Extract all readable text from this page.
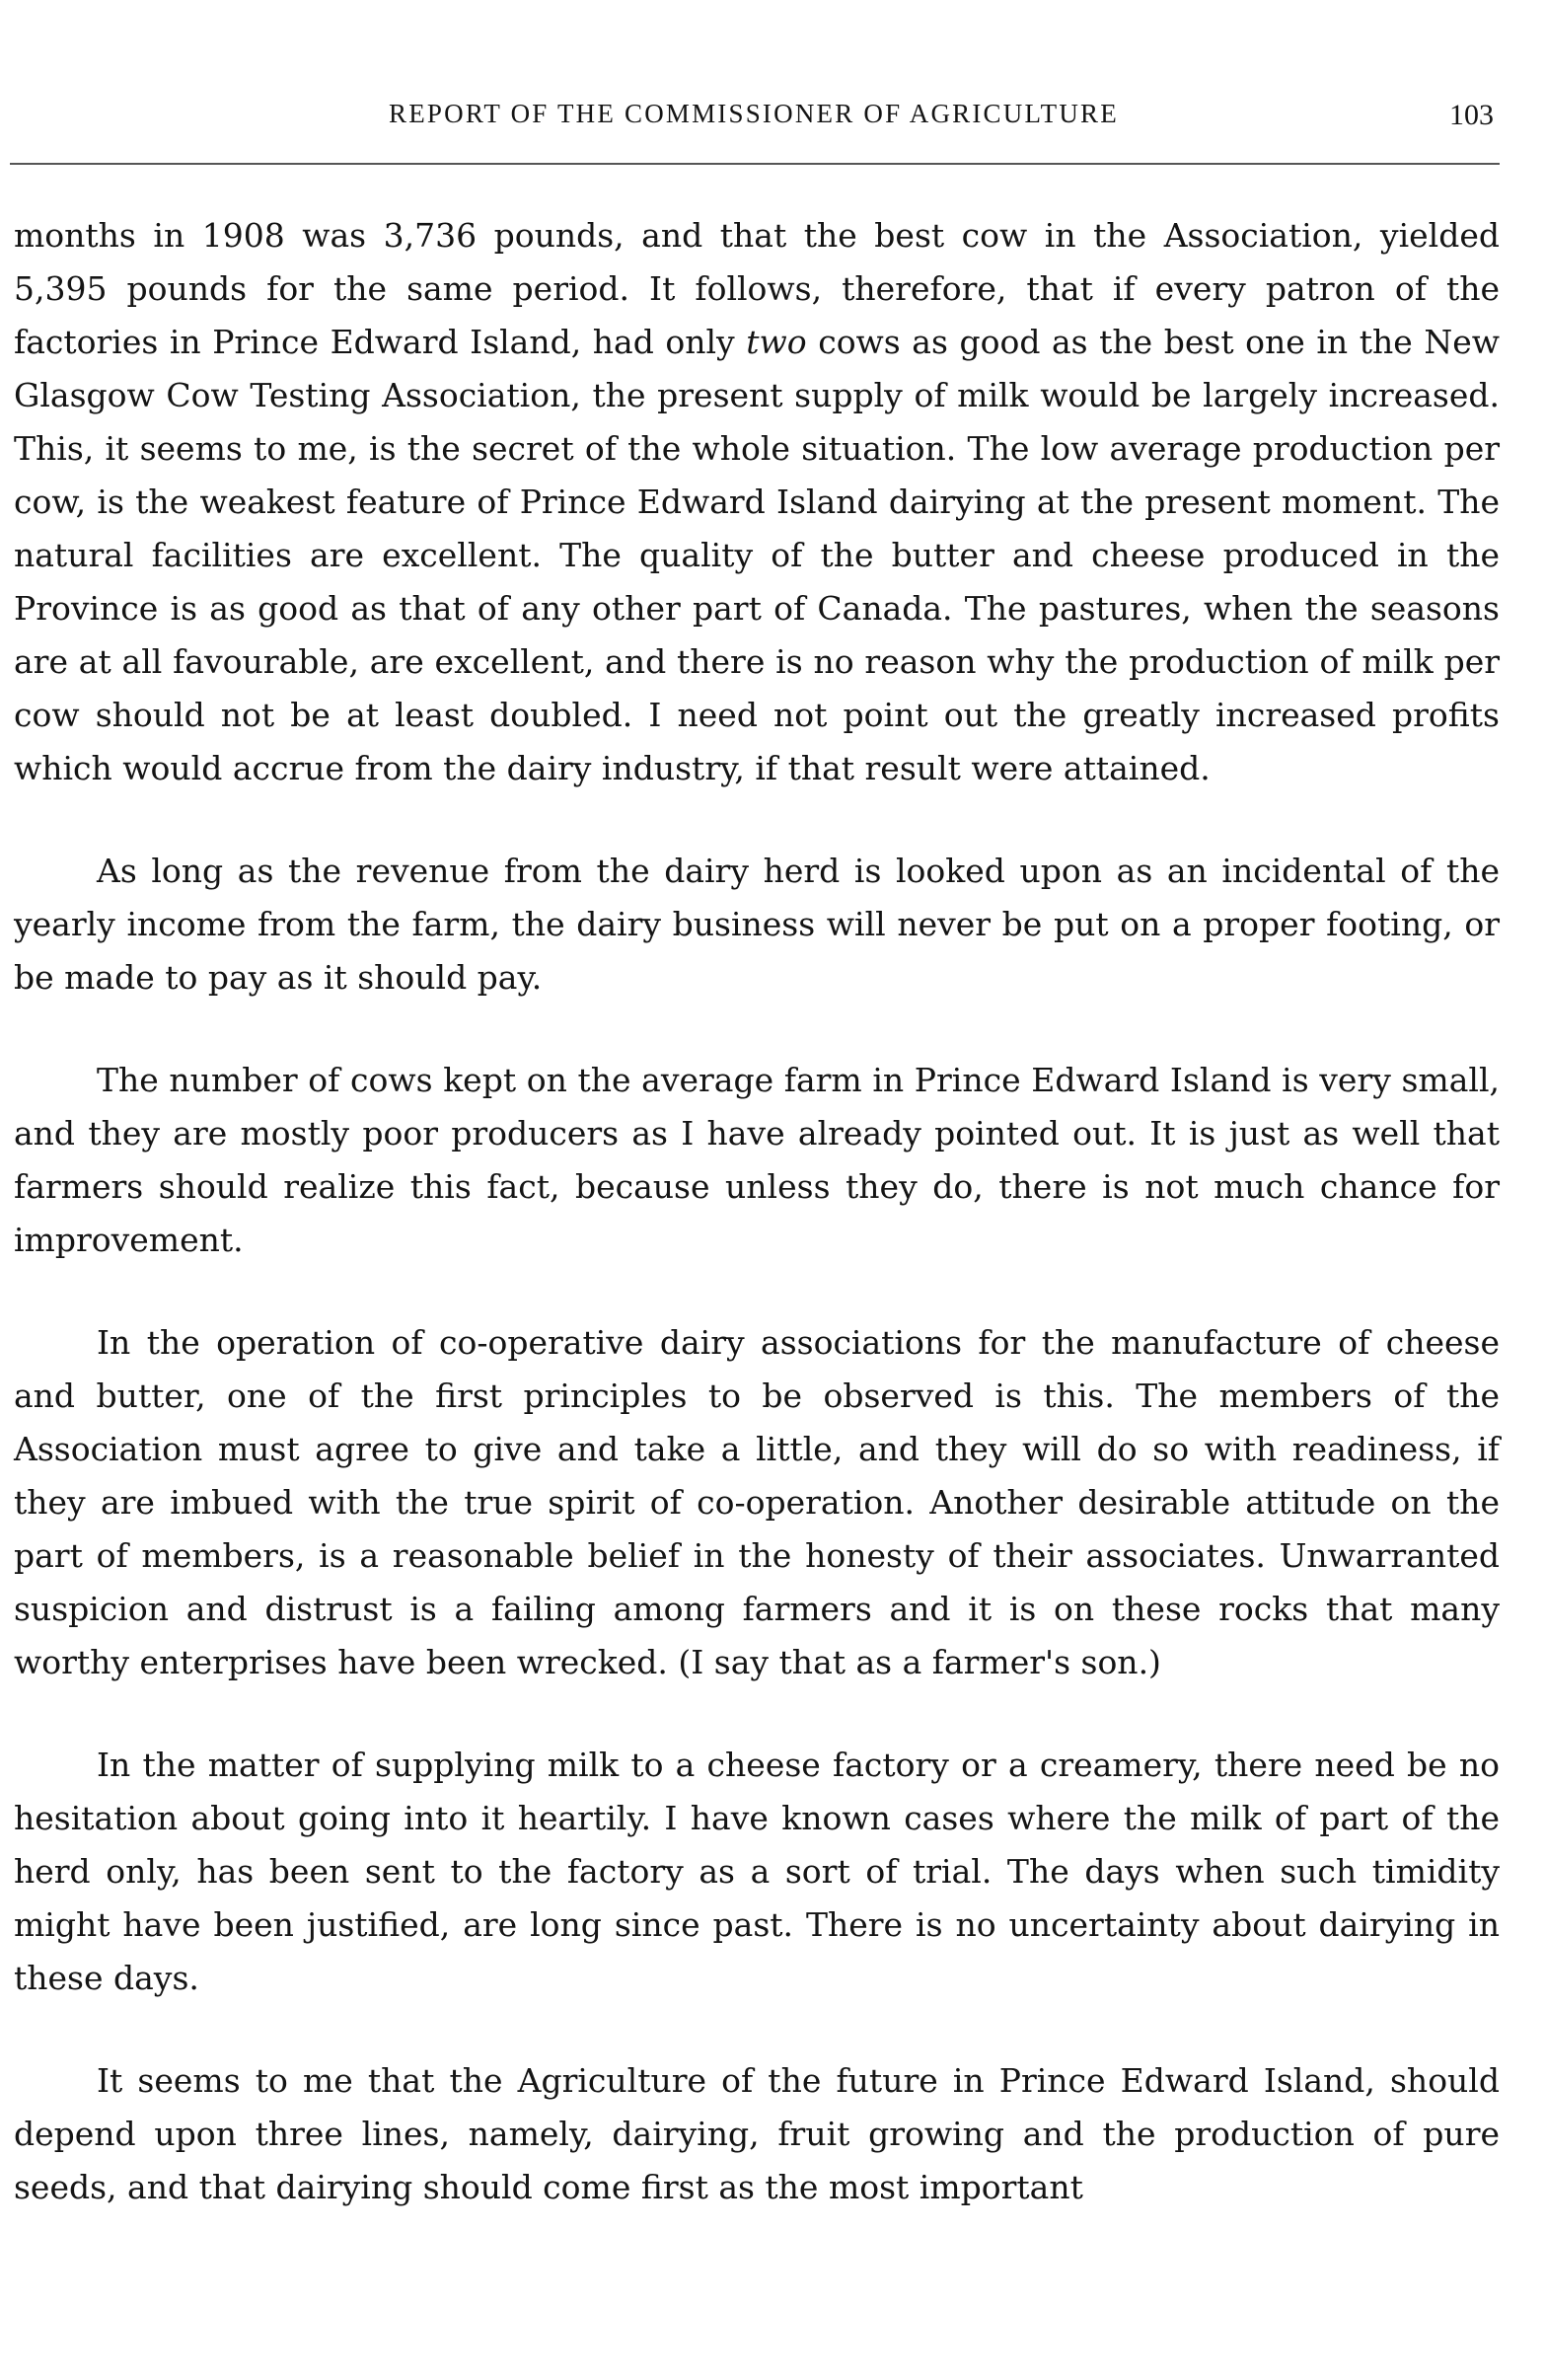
REPORT OF THE COMMISSIONER OF AGRICULTURE	103

months in 1908 was 3,736 pounds, and that the best cow in the Association, yielded 5,395 pounds for the same period. It follows, therefore, that if every patron of the factories in Prince Edward Island, had only two cows as good as the best one in the New Glasgow Cow Testing Association, the present supply of milk would be largely increased. This, it seems to me, is the secret of the whole situation. The low average production per cow, is the weakest feature of Prince Edward Island dairying at the present moment. The natural facilities are excellent. The quality of the butter and cheese produced in the Province is as good as that of any other part of Canada. The pastures, when the seasons are at all favourable, are excellent, and there is no reason why the production of milk per cow should not be at least doubled. I need not point out the greatly increased profits which would accrue from the dairy industry, if that result were attained.

As long as the revenue from the dairy herd is looked upon as an incidental of the yearly income from the farm, the dairy business will never be put on a proper footing, or be made to pay as it should pay.

The number of cows kept on the average farm in Prince Edward Island is very small, and they are mostly poor producers as I have already pointed out. It is just as well that farmers should realize this fact, because unless they do, there is not much chance for improvement.

In the operation of co-operative dairy associations for the manufacture of cheese and butter, one of the first principles to be observed is this. The members of the Association must agree to give and take a little, and they will do so with readiness, if they are imbued with the true spirit of co-operation. Another desirable attitude on the part of members, is a reasonable belief in the honesty of their associates. Unwarranted suspicion and distrust is a failing among farmers and it is on these rocks that many worthy enterprises have been wrecked. (I say that as a farmer's son.)

In the matter of supplying milk to a cheese factory or a creamery, there need be no hesitation about going into it heartily. I have known cases where the milk of part of the herd only, has been sent to the factory as a sort of trial. The days when such timidity might have been justified, are long since past. There is no uncertainty about dairying in these days.

It seems to me that the Agriculture of the future in Prince Edward Island, should depend upon three lines, namely, dairying, fruit growing and the production of pure seeds, and that dairying should come first as the most important
